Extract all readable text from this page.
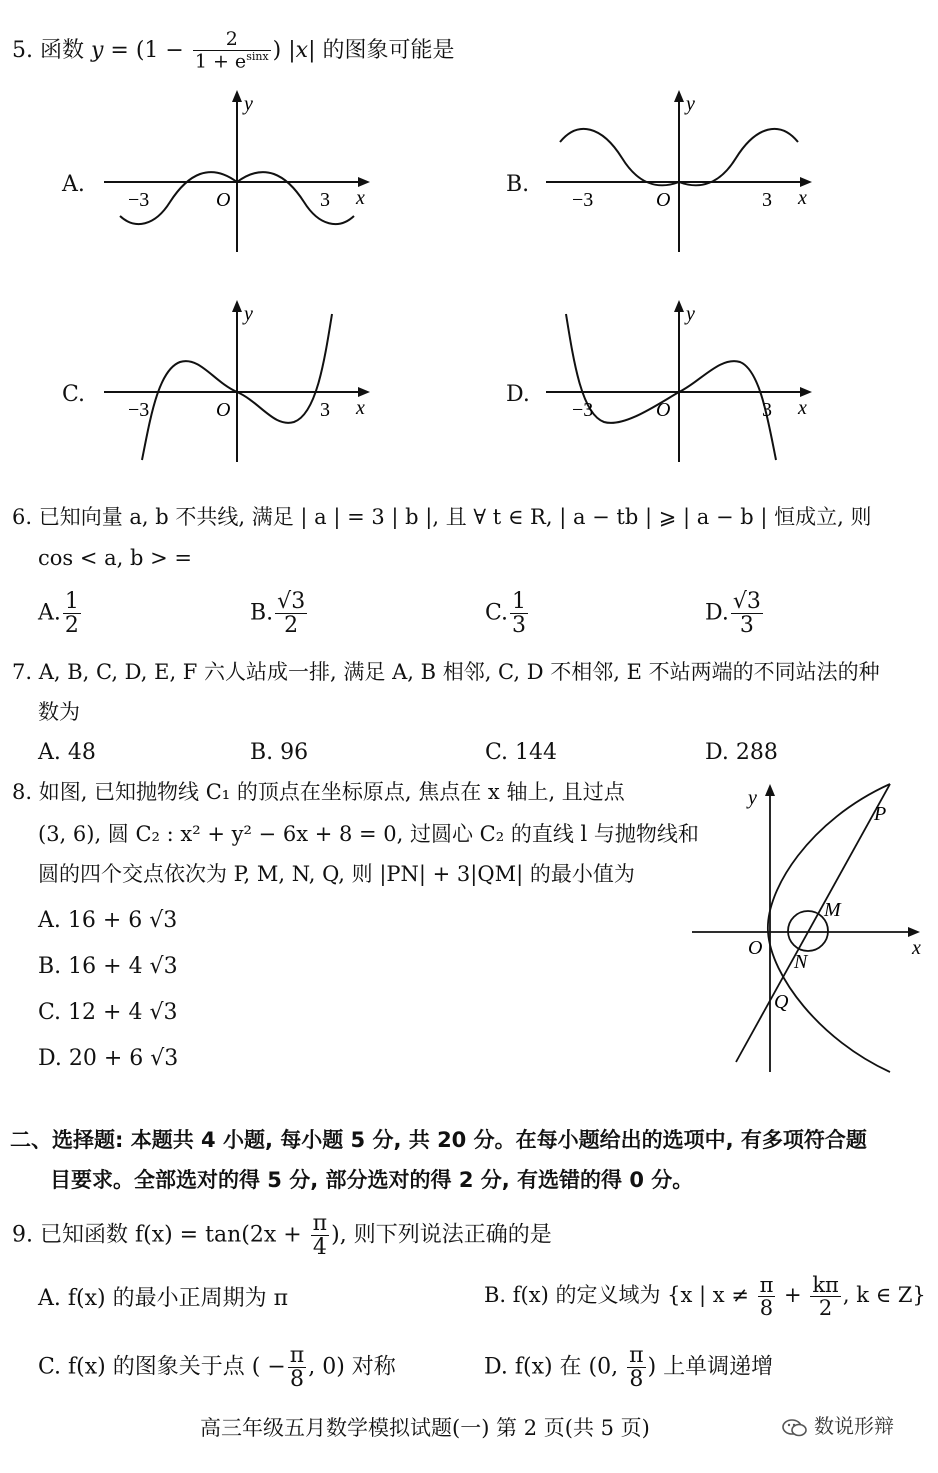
5. 函数 $y = (1 - \frac{2}{1 + e^{sinx}}$ ) |x| 的图象可能是
A.	B.
C.	D.
y
x
O
−3	3
y
x
O
−3	3
y
x
O
−3	3
y
x
O
−3	3
6. 已知向量 a, b 不共线, 满足 | a | = 3 | b |, 且 ∀ t ∈ R, | a − tb | ⩾ | a − b | 恒成立, 则
cos < a, b > =
A. $\frac{1}{2}$	B. $\frac{√3}{2}$	C. $\frac{1}{3}$	D. $\frac{√3}{3}$
7. A, B, C, D, E, F 六人站成一排, 满足 A, B 相邻, C, D 不相邻, E 不站两端的不同站法的种
数为
A. 48	B. 96	C. 144	D. 288
8. 如图, 已知抛物线 C₁ 的顶点在坐标原点, 焦点在 x 轴上, 且过点
(3, 6), 圆 C₂ : x² + y² − 6x + 8 = 0, 过圆心 C₂ 的直线 l 与抛物线和
圆的四个交点依次为 P, M, N, Q, 则 |PN| + 3|QM| 的最小值为
A. 16 + 6 √3
B. 16 + 4 √3
C. 12 + 4 √3
D. 20 + 6 √3
y
x
O
P
M
N
Q
二、选择题: 本题共 4 小题, 每小题 5 分, 共 20 分。在每小题给出的选项中, 有多项符合题
目要求。全部选对的得 5 分, 部分选对的得 2 分, 有选错的得 0 分。
9. 已知函数 $f(x) = \tan(2x + \frac{\pi}{4}$ ), 则下列说法正确的是
A. f(x) 的最小正周期为 π	B. f(x) 的定义域为 {x | $x \ne \frac{\pi}{8} + \frac{k\pi}{2}$ , k ∈ Z}
C. f(x) 的图象关于点 ( − $\frac{\pi}{8}$ , 0) 对称	D. f(x) 在 (0, $\frac{\pi}{8}$ ) 上单调递增
高三年级五月数学模拟试题(一) 第 2 页(共 5 页)	数说形辩
